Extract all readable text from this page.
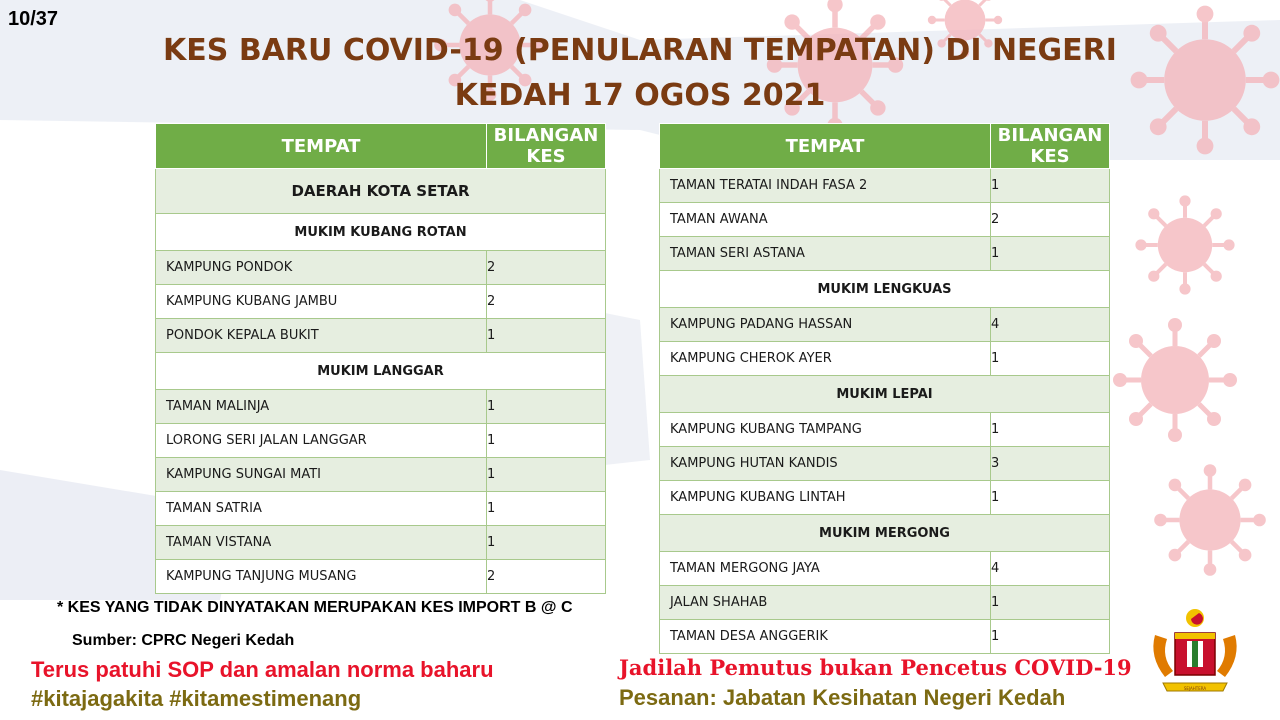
10/37
KES BARU COVID-19 (PENULARAN TEMPATAN) DI NEGERI
KEDAH 17 OGOS 2021
TEMPAT	BILANGAN KES
DAERAH KOTA SETAR	
MUKIM KUBANG ROTAN	
KAMPUNG PONDOK	2
KAMPUNG KUBANG JAMBU	2
PONDOK KEPALA BUKIT	1
MUKIM LANGGAR	
TAMAN MALINJA	1
LORONG SERI JALAN LANGGAR	1
KAMPUNG SUNGAI MATI	1
TAMAN SATRIA	1
TAMAN VISTANA	1
KAMPUNG TANJUNG MUSANG	2
TEMPAT	BILANGAN KES
TAMAN TERATAI INDAH FASA 2	1
TAMAN AWANA	2
TAMAN SERI ASTANA	1
MUKIM LENGKUAS	
KAMPUNG PADANG HASSAN	4
KAMPUNG CHEROK AYER	1
MUKIM LEPAI	
KAMPUNG KUBANG TAMPANG	1
KAMPUNG HUTAN KANDIS	3
KAMPUNG KUBANG LINTAH	1
MUKIM MERGONG	
TAMAN MERGONG JAYA	4
JALAN SHAHAB	1
TAMAN DESA ANGGERIK	1
* KES YANG TIDAK DINYATAKAN MERUPAKAN KES IMPORT B @ C
Sumber: CPRC Negeri Kedah
Terus patuhi SOP dan amalan norma baharu
#kitajagakita #kitamestimenang
Jadilah Pemutus bukan Pencetus COVID-19
Pesanan: Jabatan Kesihatan Negeri Kedah	SEJAHTERA
